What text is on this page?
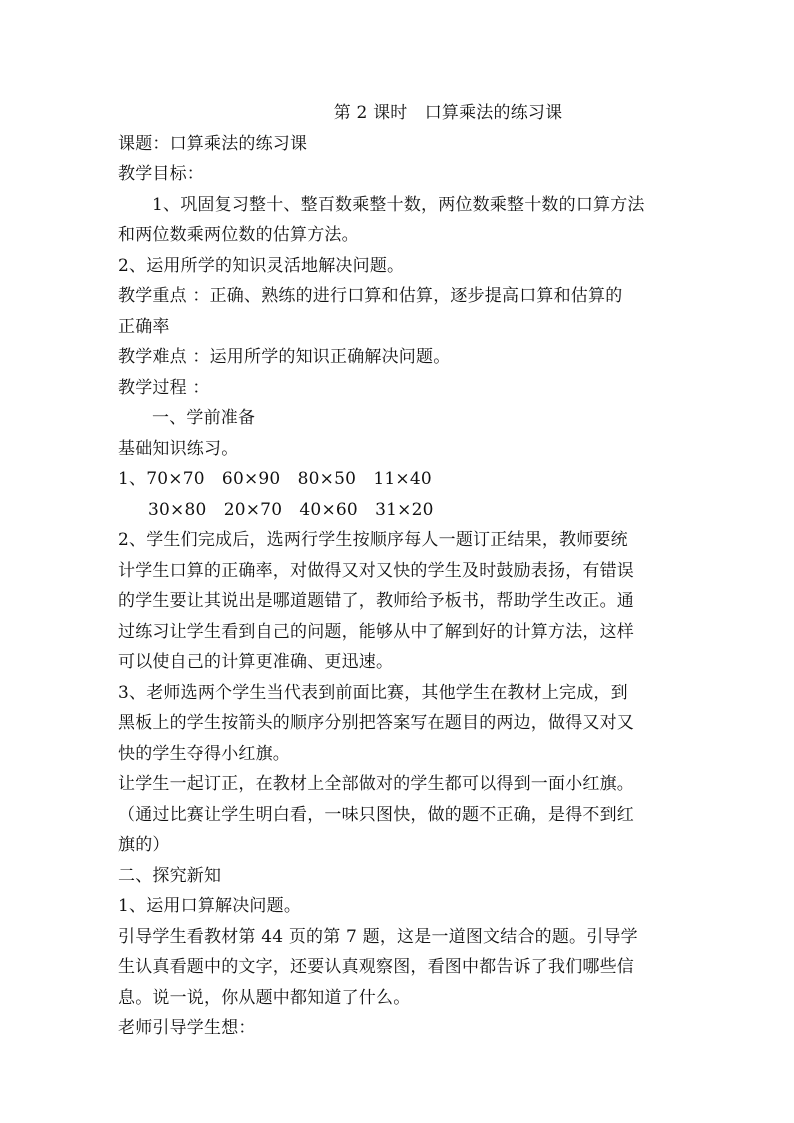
第 2 课时　口算乘法的练习课
课题：口算乘法的练习课
教学目标：
1、巩固复习整十、整百数乘整十数，两位数乘整十数的口算方法
和两位数乘两位数的估算方法。
2、运用所学的知识灵活地解决问题。
教学重点 ：正确、熟练的进行口算和估算，逐步提高口算和估算的
正确率
教学难点 ：运用所学的知识正确解决问题。
教学过程 ：
一、学前准备
基础知识练习。
1、70×70　60×90　80×50　11×40
30×80　20×70　40×60　31×20
2、学生们完成后，选两行学生按顺序每人一题订正结果，教师要统
计学生口算的正确率，对做得又对又快的学生及时鼓励表扬，有错误
的学生要让其说出是哪道题错了，教师给予板书，帮助学生改正。通
过练习让学生看到自己的问题，能够从中了解到好的计算方法，这样
可以使自己的计算更准确、更迅速。
3、老师选两个学生当代表到前面比赛，其他学生在教材上完成，到
黑板上的学生按箭头的顺序分别把答案写在题目的两边，做得又对又
快的学生夺得小红旗。
让学生一起订正，在教材上全部做对的学生都可以得到一面小红旗。
（通过比赛让学生明白看，一味只图快，做的题不正确，是得不到红
旗的）
二、探究新知
1、运用口算解决问题。
引导学生看教材第 44 页的第 7 题，这是一道图文结合的题。引导学
生认真看题中的文字，还要认真观察图，看图中都告诉了我们哪些信
息。说一说，你从题中都知道了什么。
老师引导学生想：
